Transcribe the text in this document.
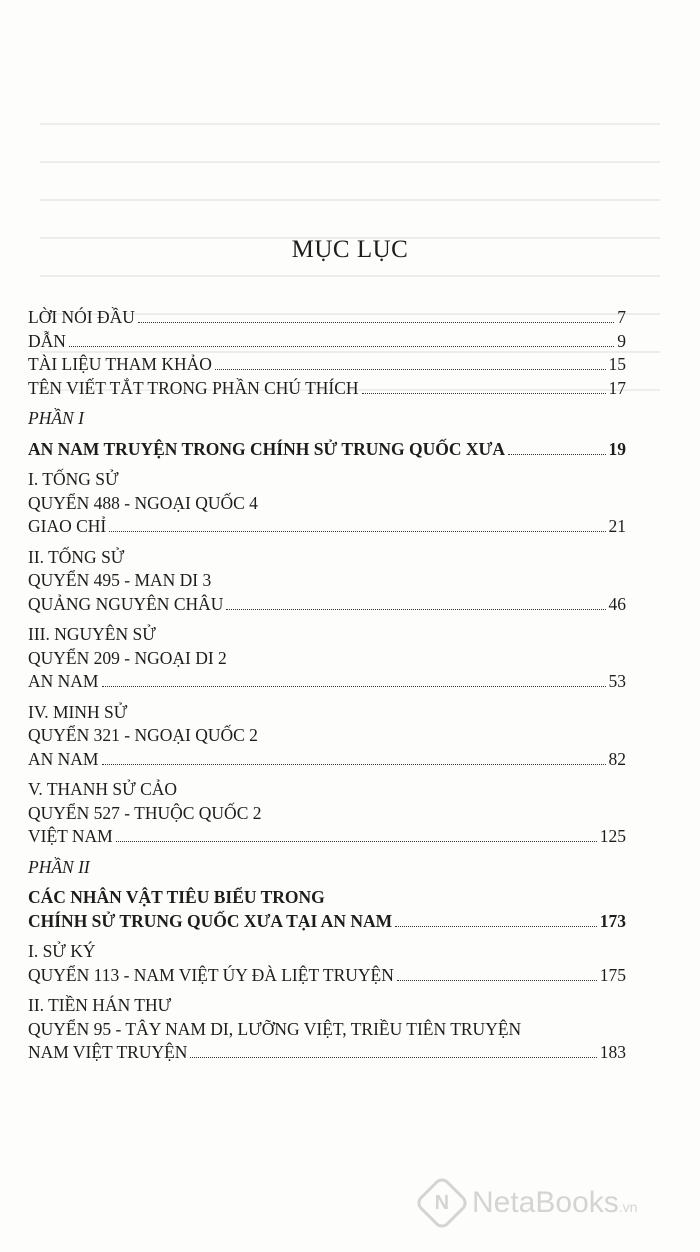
MỤC LỤC
LỜI NÓI ĐẦU	7
DẪN	9
TÀI LIỆU THAM KHẢO	15
TÊN VIẾT TẮT TRONG PHẦN CHÚ THÍCH	17
PHẦN I
AN NAM TRUYỆN TRONG CHÍNH SỬ TRUNG QUỐC XƯA	19
I. TỐNG SỬ
QUYỂN 488 - NGOẠI QUỐC 4
GIAO CHỈ	21
II. TỐNG SỬ
QUYỂN 495 - MAN DI 3
QUẢNG NGUYÊN CHÂU	46
III. NGUYÊN SỬ
QUYỂN 209 - NGOẠI DI 2
AN NAM	53
IV. MINH SỬ
QUYỂN 321 - NGOẠI QUỐC 2
AN NAM	82
V. THANH SỬ CẢO
QUYỂN 527 - THUỘC QUỐC 2
VIỆT NAM	125
PHẦN II
CÁC NHÂN VẬT TIÊU BIỂU TRONG
CHÍNH SỬ TRUNG QUỐC XƯA TẠI AN NAM	173
I. SỬ KÝ
QUYỂN 113 - NAM VIỆT ÚY ĐÀ LIỆT TRUYỆN	175
II. TIỀN HÁN THƯ
QUYỂN 95 - TÂY NAM DI, LƯỠNG VIỆT, TRIỀU TIÊN TRUYỆN
NAM VIỆT TRUYỆN	183
N NetaBooks.vn
